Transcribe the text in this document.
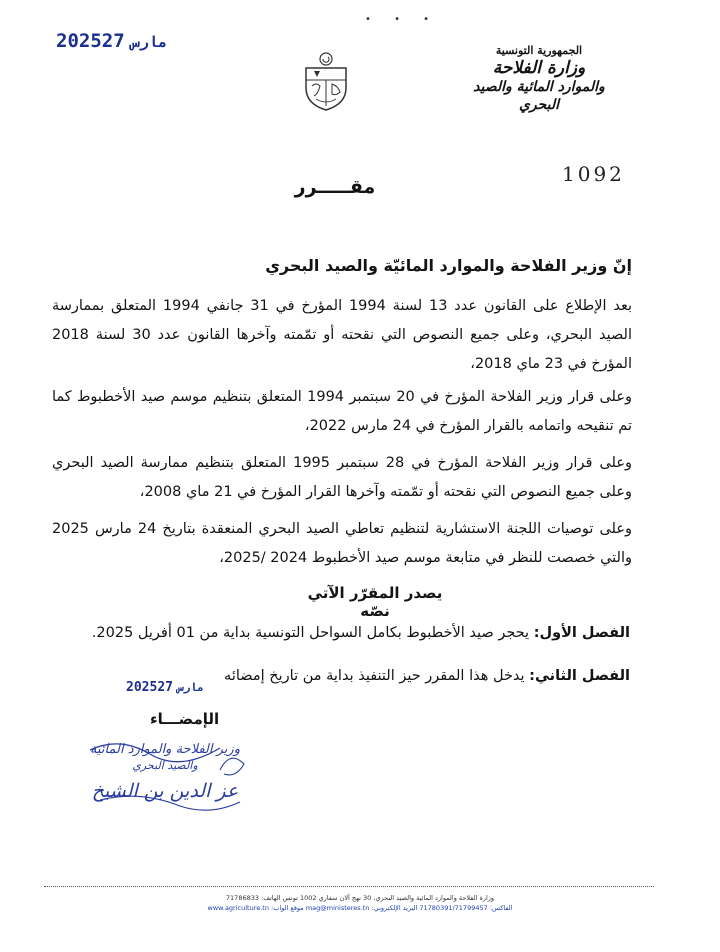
• • •
2025 مارس27	الجمهورية التونسية
وزارة الفلاحة
والموارد المائية والصيد البحري
1092
مقـــــرر
إنّ وزير الفلاحة والموارد المائيّة والصيد البحري
بعد الإطلاع على القانون عدد 13 لسنة 1994 المؤرخ في 31 جانفي 1994 المتعلق بممارسة الصيد البحري، وعلى جميع النصوص التي نقحته أو تمّمته وآخرها القانون عدد 30 لسنة 2018 المؤرخ في 23 ماي 2018،
وعلى قرار وزير الفلاحة المؤرخ في 20 سبتمبر 1994 المتعلق بتنظيم موسم صيد الأخطبوط كما تم تنقيحه واتمامه بالقرار المؤرخ في 24 مارس 2022،
وعلى قرار وزير الفلاحة المؤرخ في 28 سبتمبر 1995 المتعلق بتنظيم ممارسة الصيد البحري وعلى جميع النصوص التي نقحته أو تمّمته وآخرها القرار المؤرخ في 21 ماي 2008،
وعلى توصيات اللجنة الاستشارية لتنظيم تعاطي الصيد البحري المنعقدة بتاريخ 24 مارس 2025 والتي خصصت للنظر في متابعة موسم صيد الأخطبوط 2024 /2025،
يصدر المقرّر الآتي نصّه
الفصل الأول: يحجر صيد الأخطبوط بكامل السواحل التونسية بداية من 01 أفريل 2025.
الفصل الثاني: يدخل هذا المقرر حيز التنفيذ بداية من تاريخ إمضائه
2025 مارس27
الإمضـــاء
وزير الفلاحة والموارد المائية
والصيد البحري
عز الدين بن الشيخ
وزارة الفلاحة والموارد المائية والصيد البحري، 30 نهج آلان سفاري 1002 تونس الهاتف: 71786833
الفاكس: 71780391/71799457 البريد الإلكتروني: mag@ministeres.tn موقع الواب: www.agriculture.tn
